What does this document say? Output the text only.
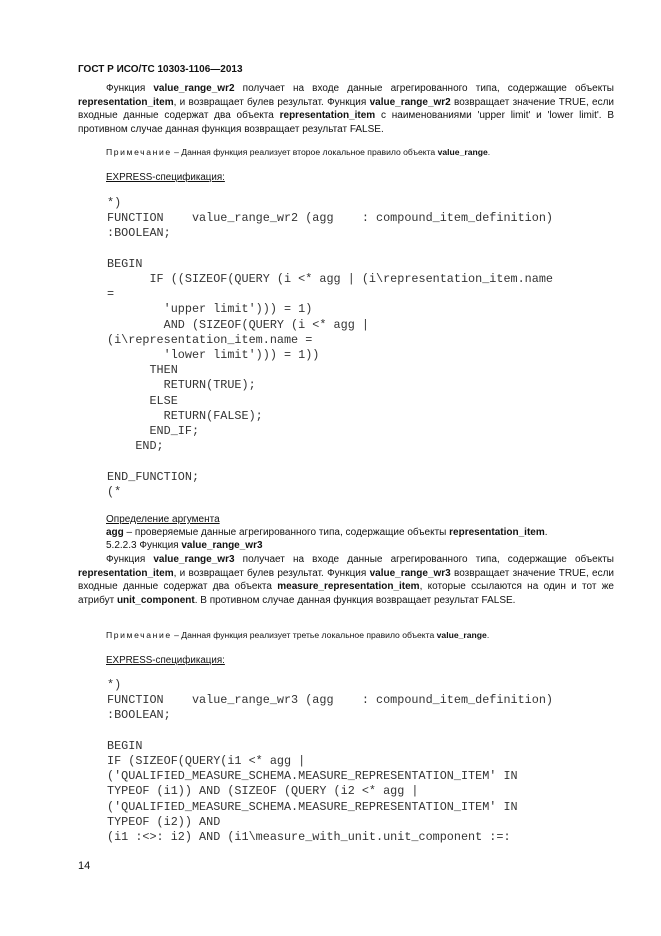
ГОСТ Р ИСО/ТС 10303-1106—2013
Функция value_range_wr2 получает на входе данные агрегированного типа, содержащие объекты representation_item, и возвращает булев результат. Функция value_range_wr2 возвращает значение TRUE, если входные данные содержат два объекта representation_item с наименованиями 'upper limit' и 'lower limit'. В противном случае данная функция возвращает результат FALSE.
Примечание – Данная функция реализует второе локальное правило объекта value_range.
EXPRESS-спецификация:
*)
FUNCTION    value_range_wr2 (agg    : compound_item_definition)
:BOOLEAN;

BEGIN
IF ((SIZEOF(QUERY (i <* agg | (i\representation_item.name
=
'upper limit'))) = 1)
AND (SIZEOF(QUERY (i <* agg |
(i\representation_item.name =
'lower limit'))) = 1))
THEN
RETURN(TRUE);
ELSE
RETURN(FALSE);
END_IF;
END;

END_FUNCTION;
(*
Определение аргумента
agg – проверяемые данные агрегированного типа, содержащие объекты representation_item.
5.2.2.3 Функция value_range_wr3
Функция value_range_wr3 получает на входе данные агрегированного типа, содержащие объекты representation_item, и возвращает булев результат. Функция value_range_wr3 возвращает значение TRUE, если входные данные содержат два объекта measure_representation_item, которые ссылаются на один и тот же атрибут unit_component. В противном случае данная функция возвращает результат FALSE.
Примечание – Данная функция реализует третье локальное правило объекта value_range.
EXPRESS-спецификация:
*)
FUNCTION    value_range_wr3 (agg    : compound_item_definition)
:BOOLEAN;

BEGIN
IF (SIZEOF(QUERY(i1 <* agg |
('QUALIFIED_MEASURE_SCHEMA.MEASURE_REPRESENTATION_ITEM' IN
TYPEOF (i1)) AND (SIZEOF (QUERY (i2 <* agg |
('QUALIFIED_MEASURE_SCHEMA.MEASURE_REPRESENTATION_ITEM' IN
TYPEOF (i2)) AND
(i1 :<>: i2) AND (i1\measure_with_unit.unit_component :=:
14
